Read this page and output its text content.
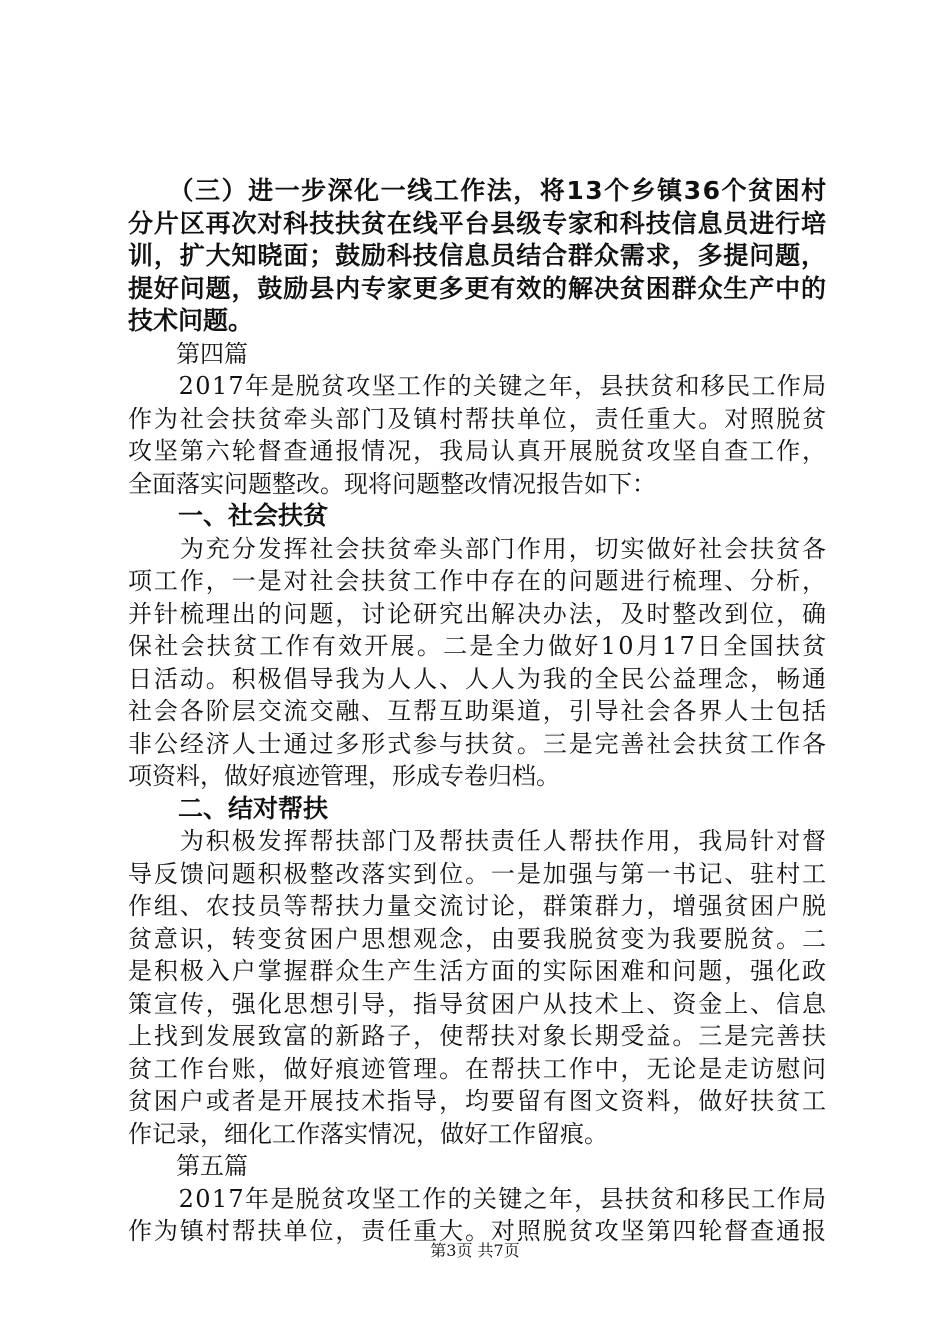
　　（三）进一步深化一线工作法，将13个乡镇36个贫困村
分片区再次对科技扶贫在线平台县级专家和科技信息员进行培
训，扩大知晓面；鼓励科技信息员结合群众需求，多提问题，
提好问题，鼓励县内专家更多更有效的解决贫困群众生产中的
技术问题。
　　第四篇
　　2017年是脱贫攻坚工作的关键之年，县扶贫和移民工作局
作为社会扶贫牵头部门及镇村帮扶单位，责任重大。对照脱贫
攻坚第六轮督查通报情况，我局认真开展脱贫攻坚自查工作，
全面落实问题整改。现将问题整改情况报告如下：
　　一、社会扶贫
　　为充分发挥社会扶贫牵头部门作用，切实做好社会扶贫各
项工作，一是对社会扶贫工作中存在的问题进行梳理、分析，
并针梳理出的问题，讨论研究出解决办法，及时整改到位，确
保社会扶贫工作有效开展。二是全力做好10月17日全国扶贫
日活动。积极倡导我为人人、人人为我的全民公益理念，畅通
社会各阶层交流交融、互帮互助渠道，引导社会各界人士包括
非公经济人士通过多形式参与扶贫。三是完善社会扶贫工作各
项资料，做好痕迹管理，形成专卷归档。
　　二、结对帮扶
　　为积极发挥帮扶部门及帮扶责任人帮扶作用，我局针对督
导反馈问题积极整改落实到位。一是加强与第一书记、驻村工
作组、农技员等帮扶力量交流讨论，群策群力，增强贫困户脱
贫意识，转变贫困户思想观念，由要我脱贫变为我要脱贫。二
是积极入户掌握群众生产生活方面的实际困难和问题，强化政
策宣传，强化思想引导，指导贫困户从技术上、资金上、信息
上找到发展致富的新路子，使帮扶对象长期受益。三是完善扶
贫工作台账，做好痕迹管理。在帮扶工作中，无论是走访慰问
贫困户或者是开展技术指导，均要留有图文资料，做好扶贫工
作记录，细化工作落实情况，做好工作留痕。
　　第五篇
　　2017年是脱贫攻坚工作的关键之年，县扶贫和移民工作局
作为镇村帮扶单位，责任重大。对照脱贫攻坚第四轮督查通报
第3页 共7页
